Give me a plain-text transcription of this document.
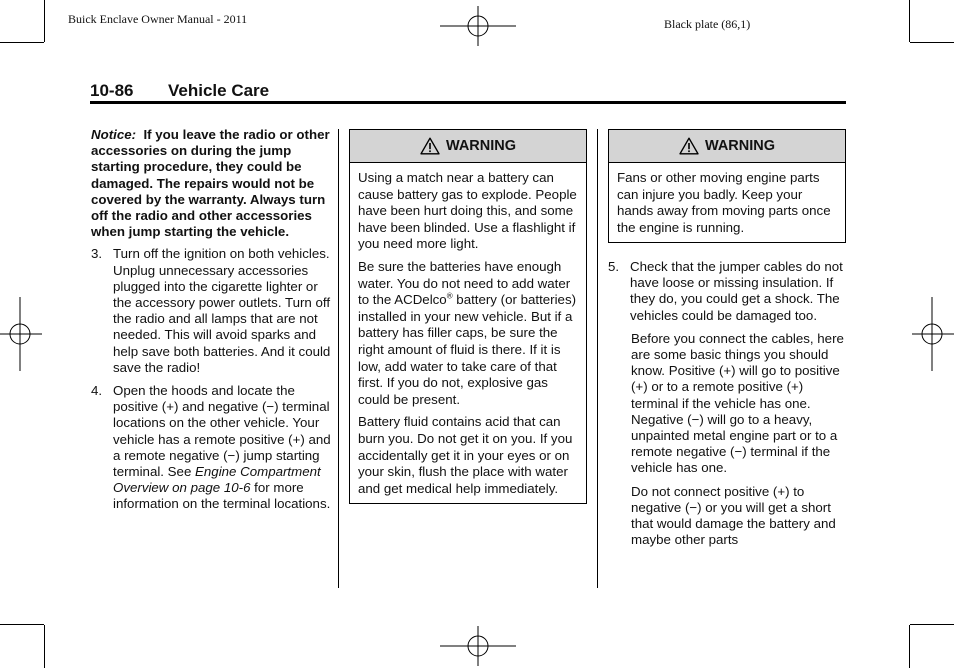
Buick Enclave Owner Manual - 2011	Black plate (86,1)
10-86 Vehicle Care

Notice: If you leave the radio or other accessories on during the jump starting procedure, they could be damaged. The repairs would not be covered by the warranty. Always turn off the radio and other accessories when jump starting the vehicle.

3. Turn off the ignition on both vehicles. Unplug unnecessary accessories plugged into the cigarette lighter or the accessory power outlets. Turn off the radio and all lamps that are not needed. This will avoid sparks and help save both batteries. And it could save the radio!
4. Open the hoods and locate the positive (+) and negative (−) terminal locations on the other vehicle. Your vehicle has a remote positive (+) and a remote negative (−) jump starting terminal. See Engine Compartment Overview on page 10-6 for more information on the terminal locations.
WARNING

Using a match near a battery can cause battery gas to explode. People have been hurt doing this, and some have been blinded. Use a flashlight if you need more light.

Be sure the batteries have enough water. You do not need to add water to the ACDelco® battery (or batteries) installed in your new vehicle. But if a battery has filler caps, be sure the right amount of fluid is there. If it is low, add water to take care of that first. If you do not, explosive gas could be present.

Battery fluid contains acid that can burn you. Do not get it on you. If you accidentally get it in your eyes or on your skin, flush the place with water and get medical help immediately.

WARNING

Fans or other moving engine parts can injure you badly. Keep your hands away from moving parts once the engine is running.

5. Check that the jumper cables do not have loose or missing insulation. If they do, you could get a shock. The vehicles could be damaged too.
Before you connect the cables, here are some basic things you should know. Positive (+) will go to positive (+) or to a remote positive (+) terminal if the vehicle has one. Negative (−) will go to a heavy, unpainted metal engine part or to a remote negative (−) terminal if the vehicle has one.
Do not connect positive (+) to negative (−) or you will get a short that would damage the battery and maybe other parts
